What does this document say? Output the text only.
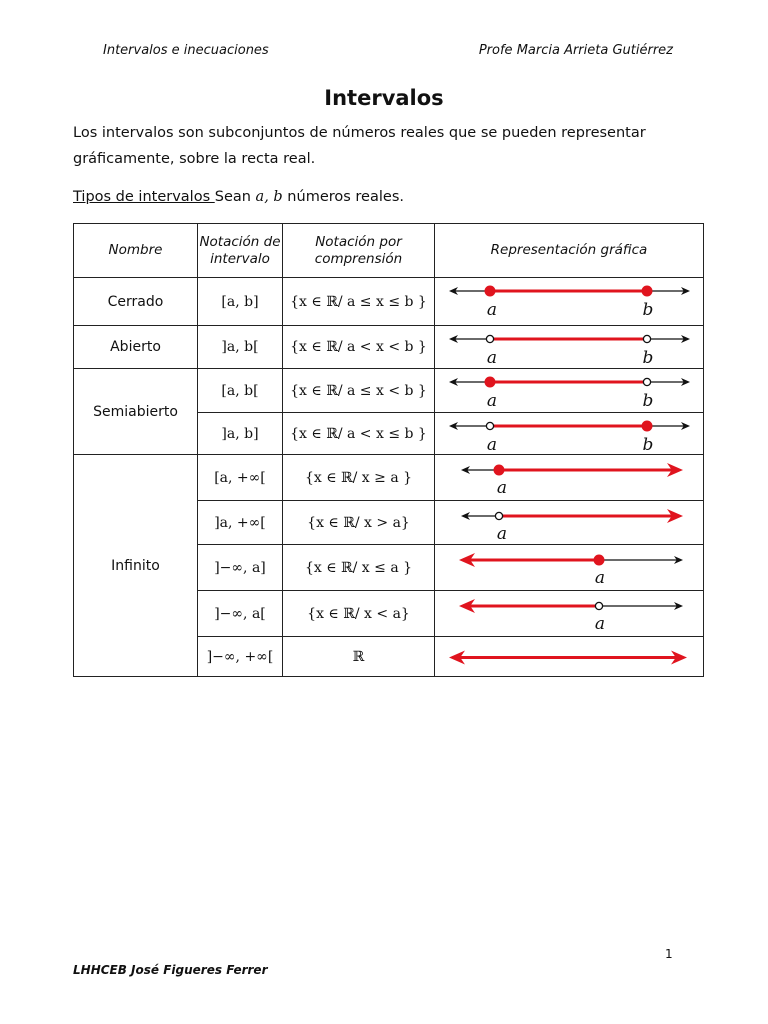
Intervalos e inecuaciones	Profe Marcia Arrieta Gutiérrez
Intervalos
Los intervalos son subconjuntos de números reales que se pueden representar gráficamente, sobre la recta real.
Tipos de intervalos Sean a, b números reales.
Nombre	Notación de intervalo	Notación por comprensión	Representación gráfica
Cerrado	[a, b]	{x ∈ ℝ/ a ≤ x ≤ b }	a b

Abierto	]a, b[	{x ∈ ℝ/ a < x < b }	a b

Semiabierto	[a, b[	{x ∈ ℝ/ a ≤ x < b }	a b

	]a, b]	{x ∈ ℝ/ a < x ≤ b }	a b

Infinito	[a, +∞[	{x ∈ ℝ/ x ≥ a }	a

	]a, +∞[	{x ∈ ℝ/ x > a}	a

	]−∞, a]	{x ∈ ℝ/ x ≤ a }	a

	]−∞, a[	{x ∈ ℝ/ x < a}	a

	]−∞, +∞[	ℝ	
1
LHHCEB José Figueres Ferrer
